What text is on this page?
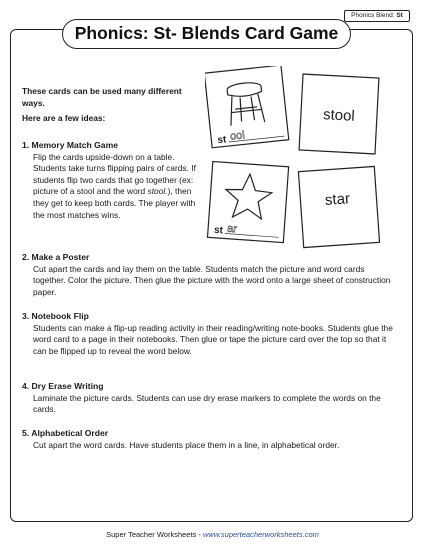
Phonics Blend: St
Phonics: St- Blends Card Game

These cards can be used many different ways.

Here are a few ideas:

1. Memory Match Game

Flip the cards upside-down on a table. Students take turns flipping pairs of cards. If students flip two cards that go together (ex: picture of a stool and the word stool.), then they get to keep both cards. The player with the most matches wins.

2. Make a Poster

Cut apart the cards and lay them on the table. Students match the picture and word cards together. Color the picture. Then glue the picture with the word onto a large sheet of construction paper.

3. Notebook Flip

Students can make a flip-up reading activity in their reading/writing note-books. Students glue the word card to a page in their notebooks. Then glue or tape the picture card over the top so that it can be flipped up to reveal the word below.

4. Dry Erase Writing

Laminate the picture cards. Students can use dry erase markers to complete the words on the cards.

5. Alphabetical Order

Cut apart the word cards. Have students place them in a line, in alphabetical order.

st ool
stool
st ar
star
Super Teacher Worksheets - www.superteacherworksheets.com
